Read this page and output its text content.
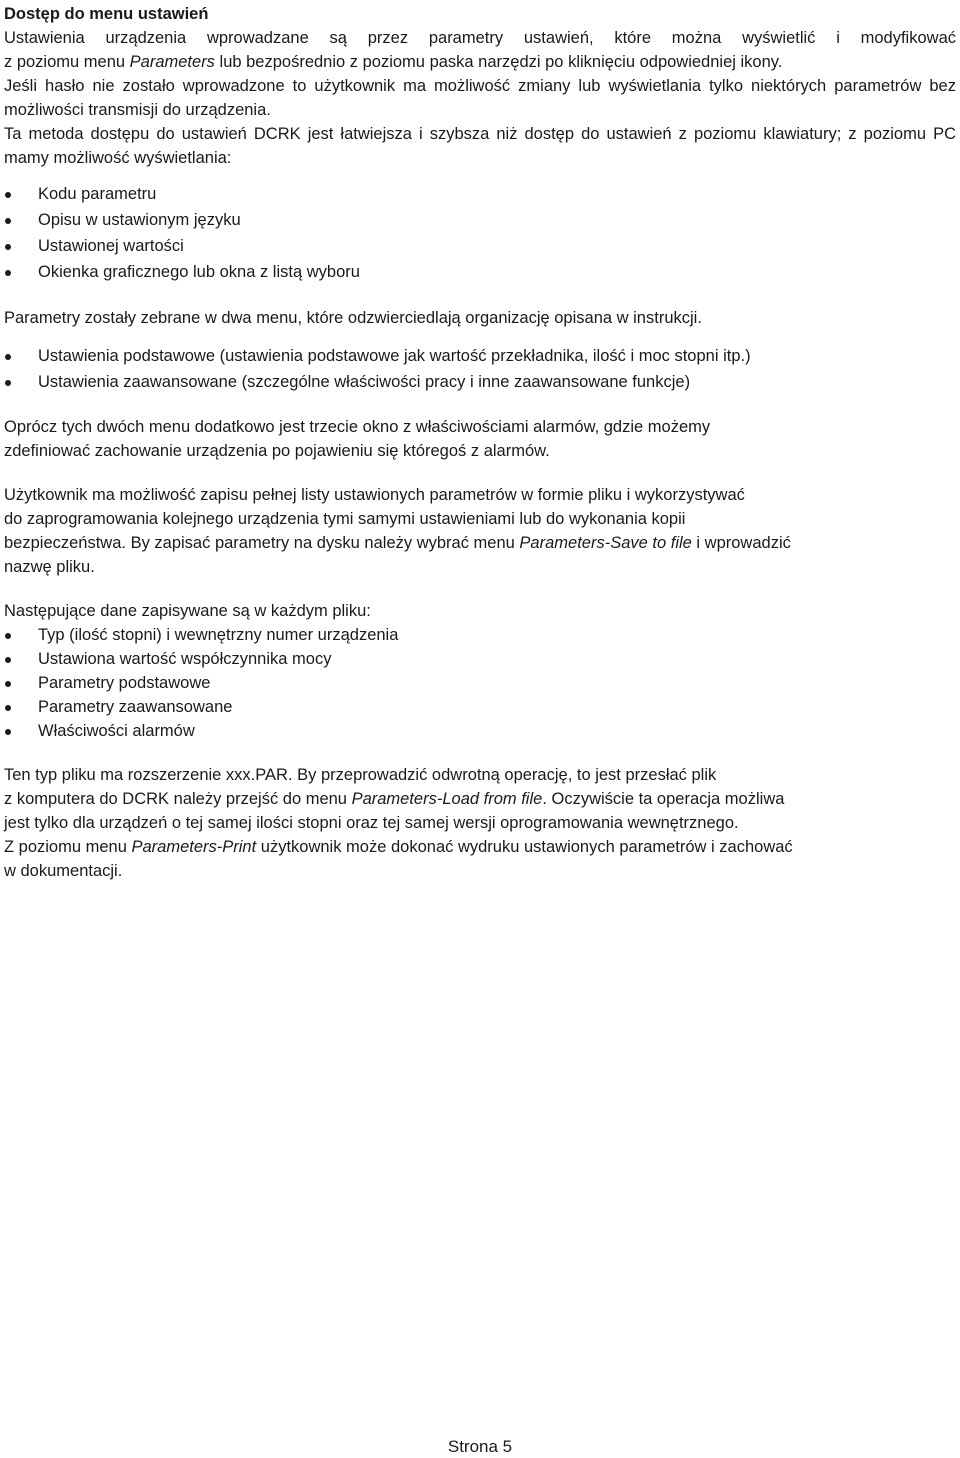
Dostęp do menu ustawień

Ustawienia urządzenia wprowadzane są przez parametry ustawień, które można wyświetlić i modyfikować

z poziomu menu Parameters lub bezpośrednio z poziomu paska narzędzi po kliknięciu odpowiedniej ikony.

Jeśli hasło nie zostało wprowadzone to użytkownik ma możliwość zmiany lub wyświetlania tylko niektórych parametrów bez możliwości transmisji do urządzenia.

Ta metoda dostępu do ustawień DCRK jest łatwiejsza i szybsza niż dostęp do ustawień z poziomu klawiatury; z poziomu PC mamy możliwość wyświetlania:

Kodu parametru
Opisu w ustawionym języku
Ustawionej wartości
Okienka graficznego lub okna z listą wyboru

Parametry zostały zebrane w dwa menu, które odzwierciedlają organizację opisana w instrukcji.

Ustawienia podstawowe (ustawienia podstawowe jak wartość przekładnika, ilość i moc stopni itp.)
Ustawienia zaawansowane (szczególne właściwości pracy i inne zaawansowane funkcje)

Oprócz tych dwóch menu dodatkowo jest trzecie okno z właściwościami alarmów, gdzie możemy

zdefiniować zachowanie urządzenia po pojawieniu się któregoś z alarmów.

Użytkownik ma możliwość zapisu pełnej listy ustawionych parametrów w formie pliku i wykorzystywać

do zaprogramowania kolejnego urządzenia tymi samymi ustawieniami lub do wykonania kopii

bezpieczeństwa. By zapisać parametry na dysku należy wybrać menu Parameters-Save to file i wprowadzić

nazwę pliku.

Następujące dane zapisywane są w każdym pliku:

Typ (ilość stopni) i wewnętrzny numer urządzenia
Ustawiona wartość współczynnika mocy
Parametry podstawowe
Parametry zaawansowane
Właściwości alarmów

Ten typ pliku ma rozszerzenie xxx.PAR. By przeprowadzić odwrotną operację, to jest przesłać plik

z komputera do DCRK należy przejść do menu Parameters-Load from file. Oczywiście ta operacja możliwa

jest tylko dla urządzeń o tej samej ilości stopni oraz tej samej wersji oprogramowania wewnętrznego.

Z poziomu menu Parameters-Print użytkownik może dokonać wydruku ustawionych parametrów i zachować

w dokumentacji.

Strona 5
